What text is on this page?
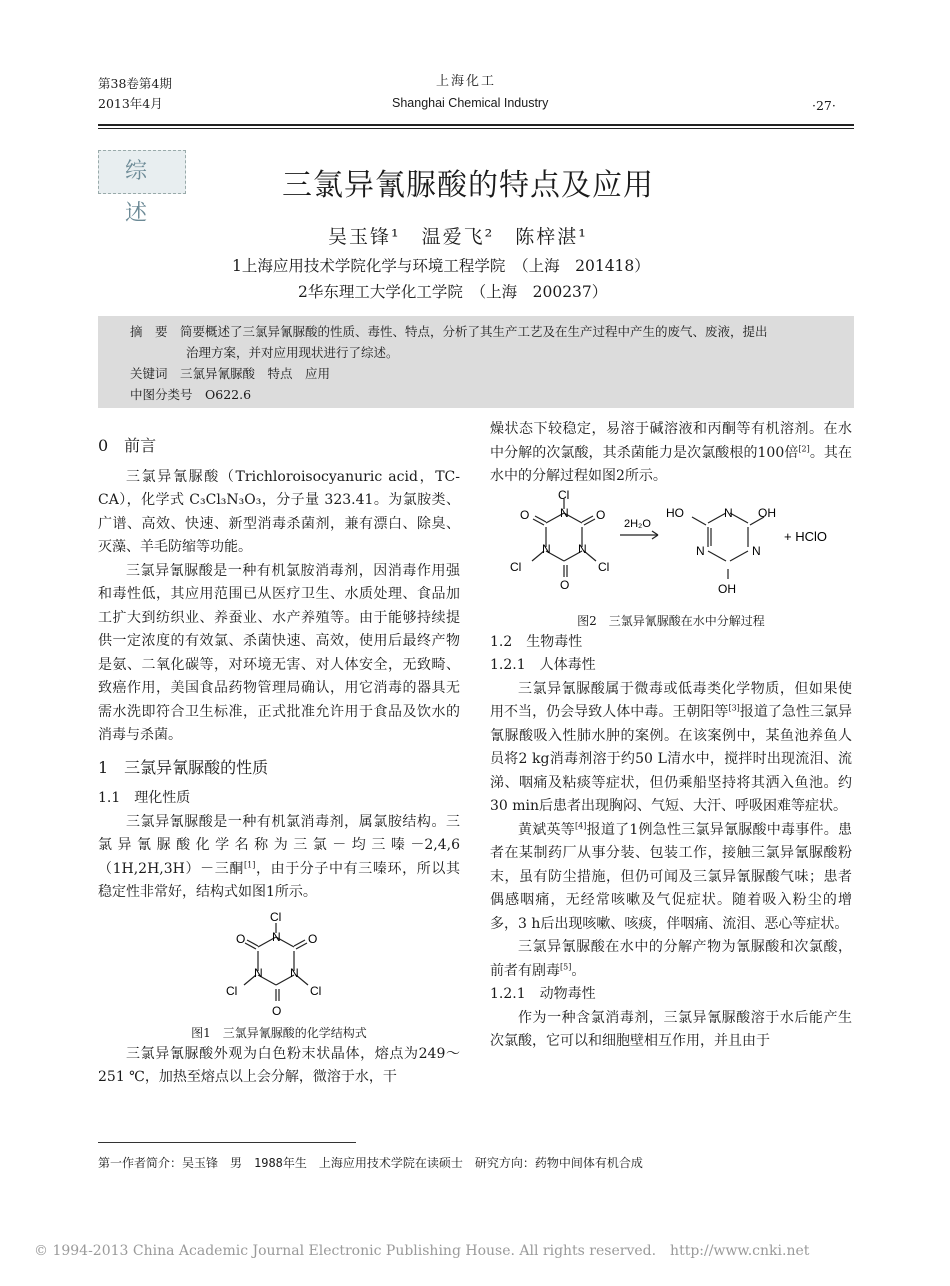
第38卷第4期
2013年4月
上海化工
Shanghai Chemical Industry	·27·
综 述
三氯异氰脲酸的特点及应用
吴玉锋¹　温爱飞²　陈梓湛¹
1上海应用技术学院化学与环境工程学院　（上海　201418）
2华东理工大学化工学院　（上海　200237）
摘　要　 简要概述了三氯异氰脲酸的性质、毒性、特点，分析了其生产工艺及在生产过程中产生的废气、废液，提出
治理方案，并对应用现状进行了综述。
关键词　 三氯异氰脲酸　特点　应用
中图分类号　 O622.6
0　前言

三氯异氰脲酸（Trichloroisocyanuric acid，TC-CA），化学式 C₃Cl₃N₃O₃，分子量 323.41。为氯胺类、广谱、高效、快速、新型消毒杀菌剂，兼有漂白、除臭、灭藻、羊毛防缩等功能。

三氯异氰脲酸是一种有机氯胺消毒剂，因消毒作用强和毒性低，其应用范围已从医疗卫生、水质处理、食品加工扩大到纺织业、养蚕业、水产养殖等。由于能够持续提供一定浓度的有效氯、杀菌快速、高效，使用后最终产物是氨、二氧化碳等，对环境无害、对人体安全，无致畸、致癌作用，美国食品药物管理局确认，用它消毒的器具无需水洗即符合卫生标准，正式批准允许用于食品及饮水的消毒与杀菌。

1　三氯异氰脲酸的性质
1.1　理化性质

三氯异氰脲酸是一种有机氯消毒剂，属氯胺结构。三氯异氰脲酸化学名称为三氯－均三嗪－2,4,6（1H,2H,3H）－三酮[1]，由于分子中有三嗪环，所以其稳定性非常好，结构式如图1所示。

Cl
N
O	O
N N
Cl	Cl
O
图1　三氯异氰脲酸的化学结构式

三氯异氰脲酸外观为白色粉末状晶体，熔点为249～251 ℃，加热至熔点以上会分解，微溶于水，干

燥状态下较稳定，易溶于碱溶液和丙酮等有机溶剂。在水中分解的次氯酸，其杀菌能力是次氯酸根的100倍[2]。其在水中的分解过程如图2所示。

Cl
N
O	O
N N
Cl	Cl
O
2H₂O
N
HO	OH
N	N
OH
+ HClO
图2　三氯异氰脲酸在水中分解过程
1.2　生物毒性
1.2.1　人体毒性

三氯异氰脲酸属于微毒或低毒类化学物质，但如果使用不当，仍会导致人体中毒。王朝阳等[3]报道了急性三氯异氰脲酸吸入性肺水肿的案例。在该案例中，某鱼池养鱼人员将2 kg消毒剂溶于约50 L清水中，搅拌时出现流泪、流涕、咽痛及粘痰等症状，但仍乘船坚持将其洒入鱼池。约30 min后患者出现胸闷、气短、大汗、呼吸困难等症状。

黄斌英等[4]报道了1例急性三氯异氰脲酸中毒事件。患者在某制药厂从事分装、包装工作，接触三氯异氰脲酸粉末，虽有防尘措施，但仍可闻及三氯异氰脲酸气味；患者偶感咽痛，无经常咳嗽及气促症状。随着吸入粉尘的增多，3 h后出现咳嗽、咳痰，伴咽痛、流泪、恶心等症状。

三氯异氰脲酸在水中的分解产物为氰脲酸和次氯酸，前者有剧毒[5]。

1.2.1　动物毒性

作为一种含氯消毒剂，三氯异氰脲酸溶于水后能产生次氯酸，它可以和细胞壁相互作用，并且由于

第一作者简介：吴玉锋　男　1988年生　上海应用技术学院在读硕士　研究方向：药物中间体有机合成
© 1994-2013 China Academic Journal Electronic Publishing House. All rights reserved.　http://www.cnki.net
